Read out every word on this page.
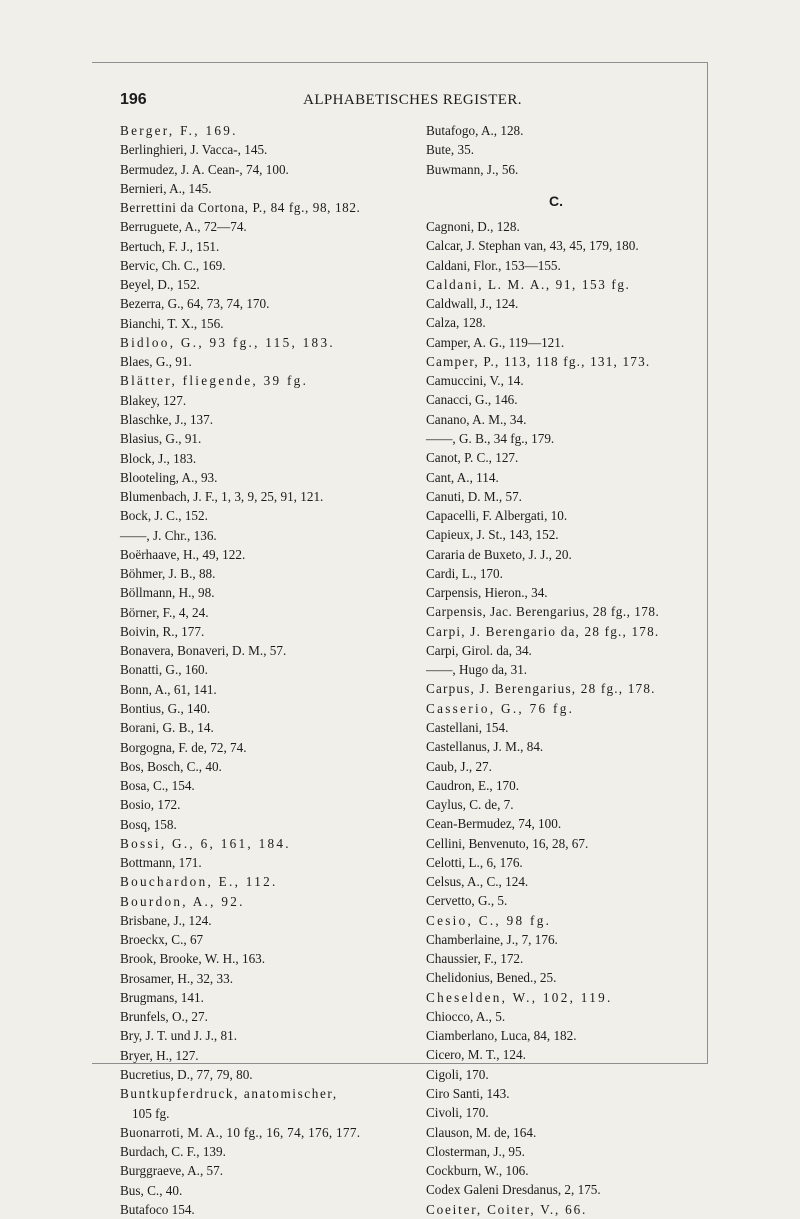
196	ALPHABETISCHES REGISTER.
Berger, F., 169.
Berlinghieri, J. Vacca-, 145.
Bermudez, J. A. Cean-, 74, 100.
Bernieri, A., 145.
Berrettini da Cortona, P., 84 fg., 98, 182.
Berruguete, A., 72—74.
Bertuch, F. J., 151.
Bervic, Ch. C., 169.
Beyel, D., 152.
Bezerra, G., 64, 73, 74, 170.
Bianchi, T. X., 156.
Bidloo, G., 93 fg., 115, 183.
Blaes, G., 91.
Blätter, fliegende, 39 fg.
Blakey, 127.
Blaschke, J., 137.
Blasius, G., 91.
Block, J., 183.
Blooteling, A., 93.
Blumenbach, J. F., 1, 3, 9, 25, 91, 121.
Bock, J. C., 152.
——, J. Chr., 136.
Boërhaave, H., 49, 122.
Böhmer, J. B., 88.
Böllmann, H., 98.
Börner, F., 4, 24.
Boivin, R., 177.
Bonavera, Bonaveri, D. M., 57.
Bonatti, G., 160.
Bonn, A., 61, 141.
Bontius, G., 140.
Borani, G. B., 14.
Borgogna, F. de, 72, 74.
Bos, Bosch, C., 40.
Bosa, C., 154.
Bosio, 172.
Bosq, 158.
Bossi, G., 6, 161, 184.
Bottmann, 171.
Bouchardon, E., 112.
Bourdon, A., 92.
Brisbane, J., 124.
Broeckx, C., 67
Brook, Brooke, W. H., 163.
Brosamer, H., 32, 33.
Brugmans, 141.
Brunfels, O., 27.
Bry, J. T. und J. J., 81.
Bryer, H., 127.
Bucretius, D., 77, 79, 80.
Buntkupferdruck, anatomischer,
105 fg.
Buonarroti, M. A., 10 fg., 16, 74, 176, 177.
Burdach, C. F., 139.
Burggraeve, A., 57.
Bus, C., 40.
Butafoco 154.
Butafogo, A., 128.
Bute, 35.
Buwmann, J., 56.
C.
Cagnoni, D., 128.
Calcar, J. Stephan van, 43, 45, 179, 180.
Caldani, Flor., 153—155.
Caldani, L. M. A., 91, 153 fg.
Caldwall, J., 124.
Calza, 128.
Camper, A. G., 119—121.
Camper, P., 113, 118 fg., 131, 173.
Camuccini, V., 14.
Canacci, G., 146.
Canano, A. M., 34.
——, G. B., 34 fg., 179.
Canot, P. C., 127.
Cant, A., 114.
Canuti, D. M., 57.
Capacelli, F. Albergati, 10.
Capieux, J. St., 143, 152.
Cararia de Buxeto, J. J., 20.
Cardi, L., 170.
Carpensis, Hieron., 34.
Carpensis, Jac. Berengarius, 28 fg., 178.
Carpi, J. Berengario da, 28 fg., 178.
Carpi, Girol. da, 34.
——, Hugo da, 31.
Carpus, J. Berengarius, 28 fg., 178.
Casserio, G., 76 fg.
Castellani, 154.
Castellanus, J. M., 84.
Caub, J., 27.
Caudron, E., 170.
Caylus, C. de, 7.
Cean-Bermudez, 74, 100.
Cellini, Benvenuto, 16, 28, 67.
Celotti, L., 6, 176.
Celsus, A., C., 124.
Cervetto, G., 5.
Cesio, C., 98 fg.
Chamberlaine, J., 7, 176.
Chaussier, F., 172.
Chelidonius, Bened., 25.
Cheselden, W., 102, 119.
Chiocco, A., 5.
Ciamberlano, Luca, 84, 182.
Cicero, M. T., 124.
Cigoli, 170.
Ciro Santi, 143.
Civoli, 170.
Clauson, M. de, 164.
Closterman, J., 95.
Cockburn, W., 106.
Codex Galeni Dresdanus, 2, 175.
Coeiter, Coiter, V., 66.
